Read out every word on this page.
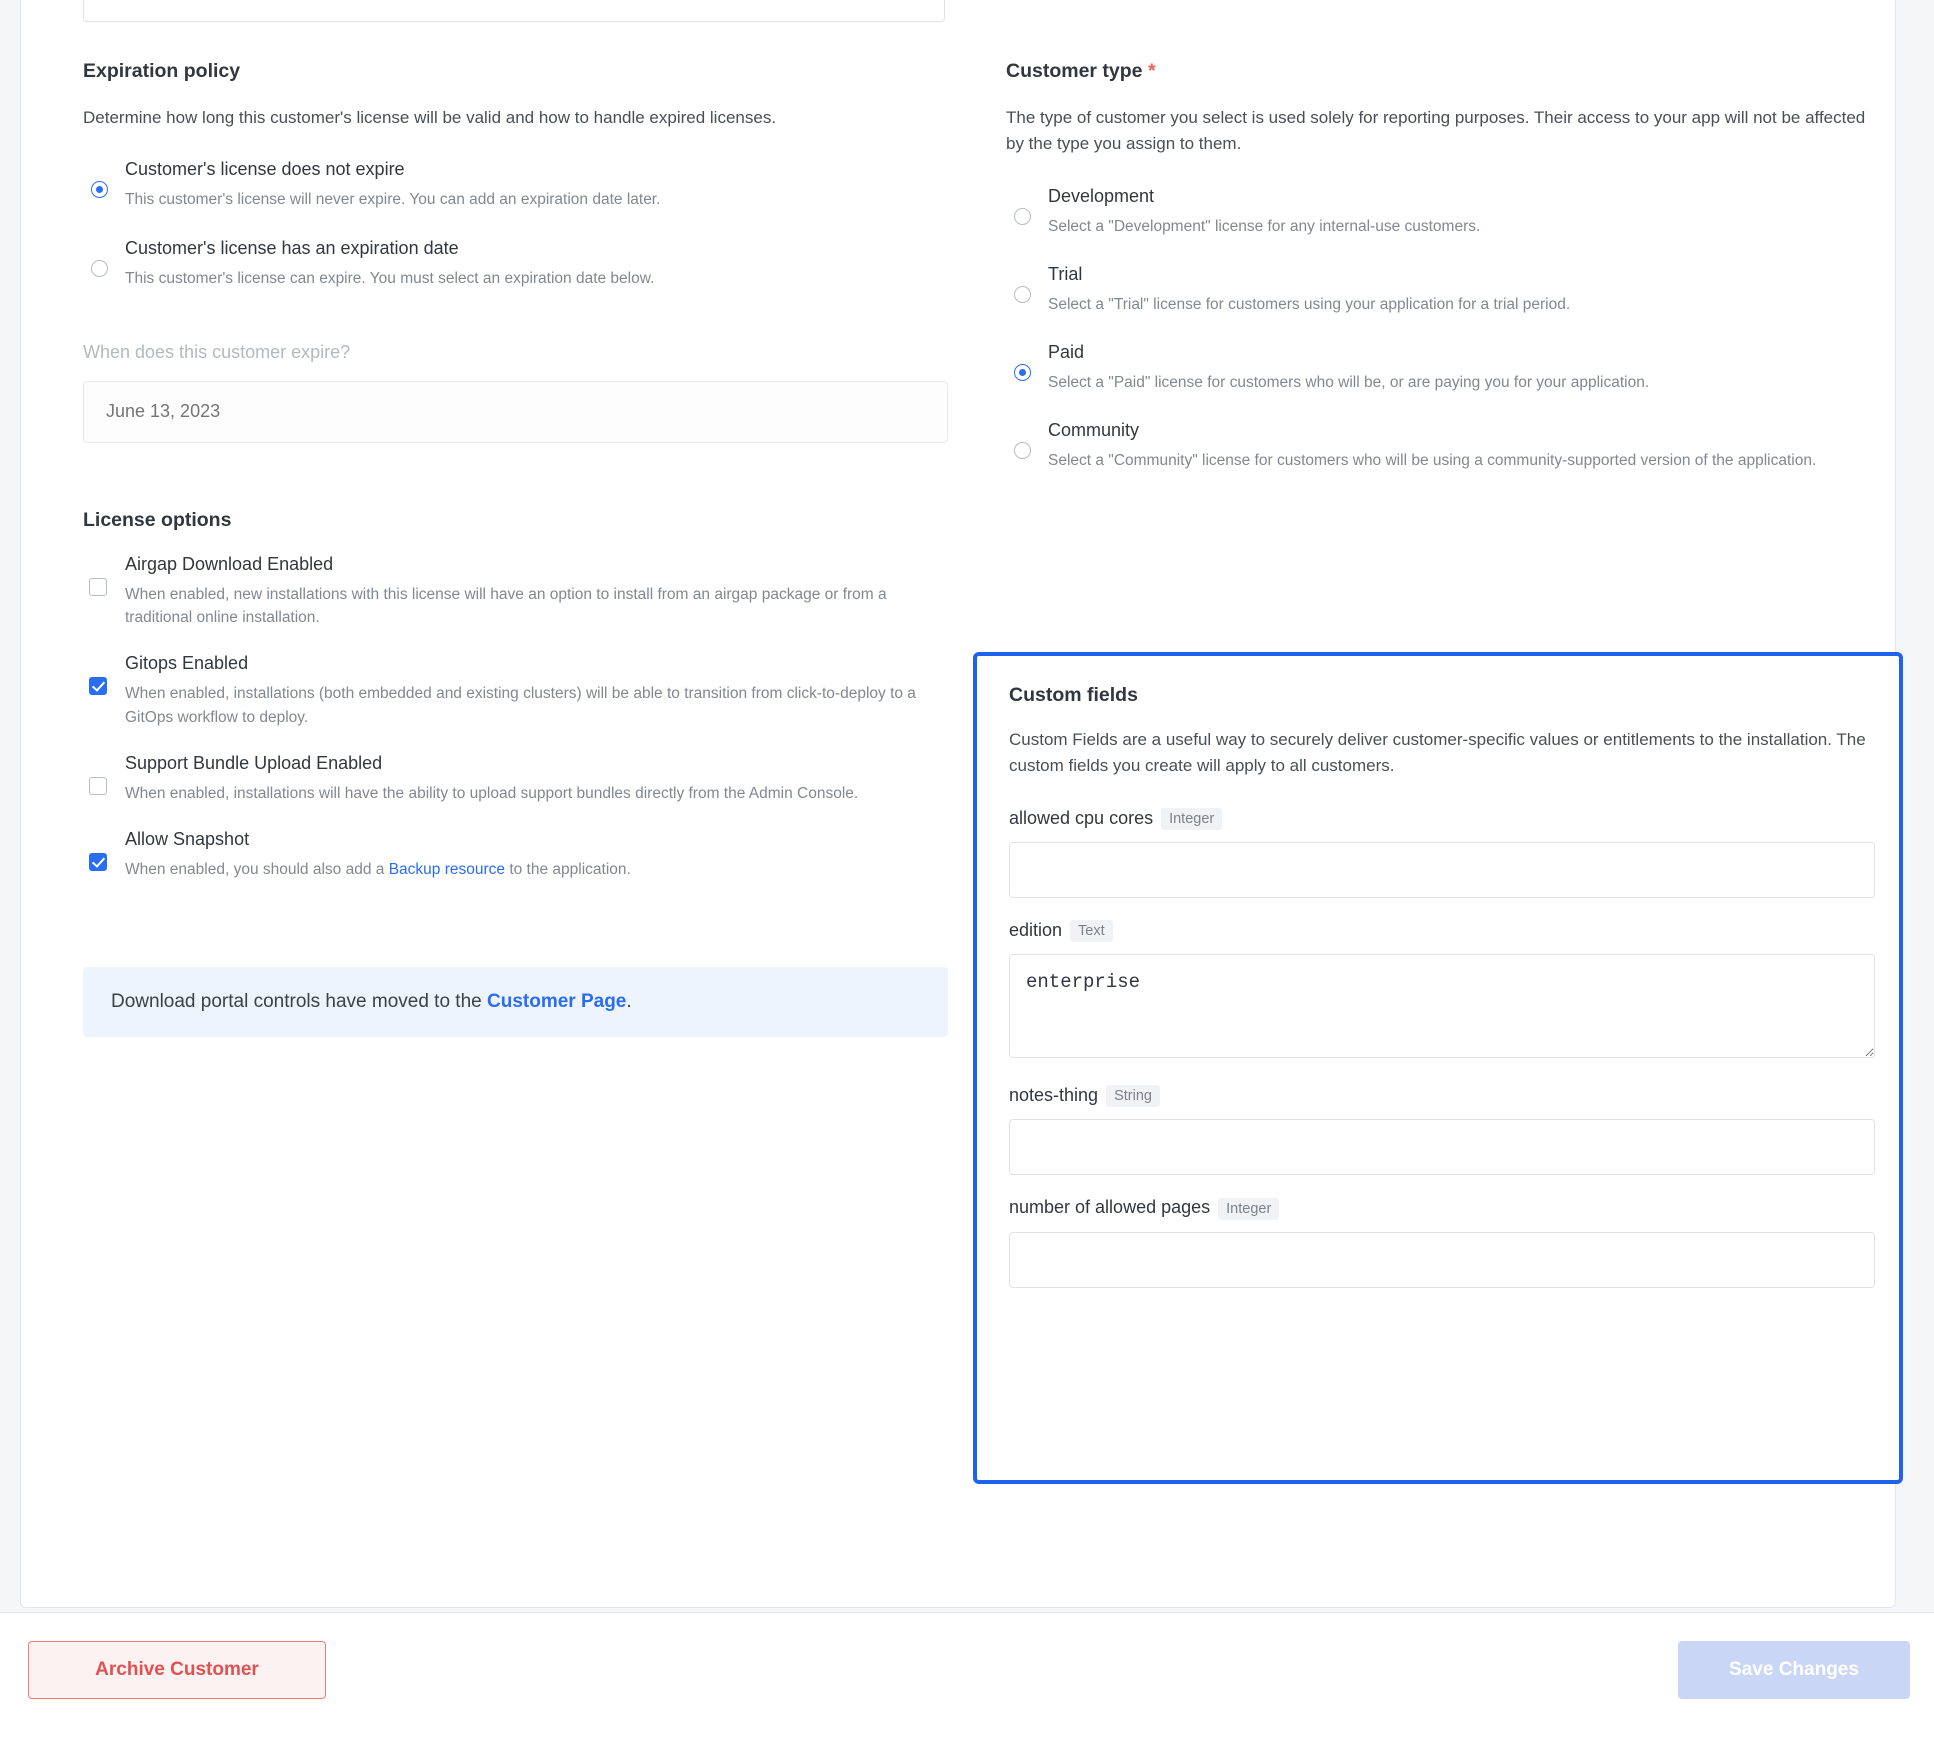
Expiration policy

Determine how long this customer's license will be valid and how to handle expired licenses.

Customer's license does not expire
This customer's license will never expire. You can add an expiration date later.
Customer's license has an expiration date
This customer's license can expire. You must select an expiration date below.
When does this customer expire?
June 13, 2023
License options
Airgap Download Enabled
When enabled, new installations with this license will have an option to install from an airgap package or from a traditional online installation.
Gitops Enabled
When enabled, installations (both embedded and existing clusters) will be able to transition from click-to-deploy to a GitOps workflow to deploy.
Support Bundle Upload Enabled
When enabled, installations will have the ability to upload support bundles directly from the Admin Console.
Allow Snapshot
When enabled, you should also add a Backup resource to the application.
Download portal controls have moved to the Customer Page.
Customer type *

The type of customer you select is used solely for reporting purposes. Their access to your app will not be affected by the type you assign to them.

Development
Select a "Development" license for any internal-use customers.
Trial
Select a "Trial" license for customers using your application for a trial period.
Paid
Select a "Paid" license for customers who will be, or are paying you for your application.
Community
Select a "Community" license for customers who will be using a community-supported version of the application.
Custom fields

Custom Fields are a useful way to securely deliver customer-specific values or entitlements to the installation. The custom fields you create will apply to all customers.

allowed cpu cores Integer
edition Text
enterprise
notes-thing String
number of allowed pages Integer
Archive Customer	Save Changes
